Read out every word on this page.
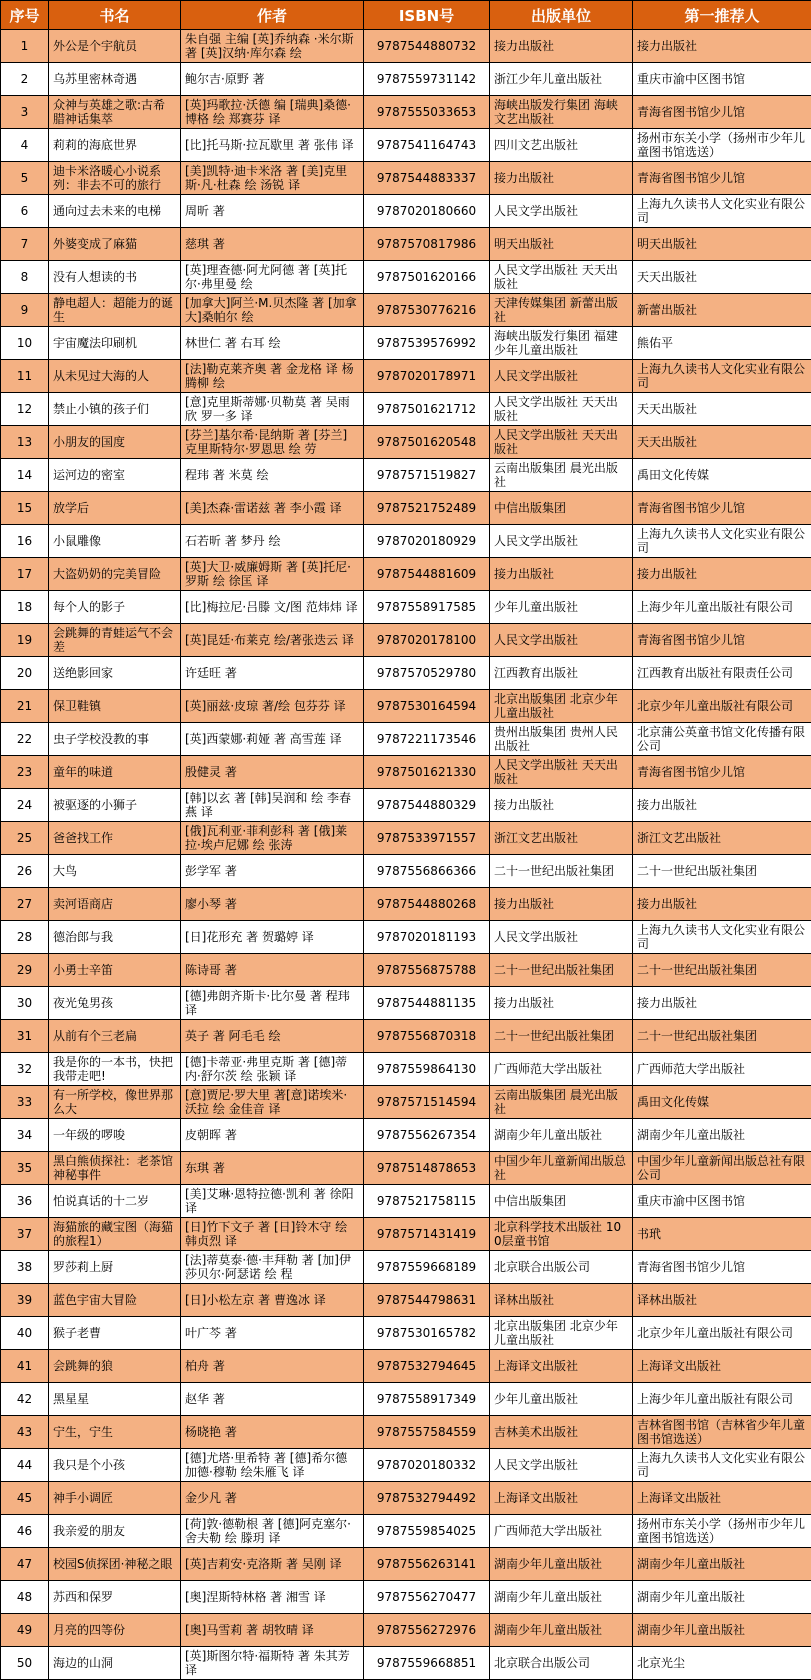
序号	书名	作者	ISBN号	出版单位	第一推荐人

1	外公是个宇航员	朱自强 主编 [英]乔纳森 ·米尔斯 著 [英]汉纳·库尔森 绘	9787544880732	接力出版社	接力出版社

2	乌苏里密林奇遇	鲍尔吉·原野 著	9787559731142	浙江少年儿童出版社	重庆市渝中区图书馆

3	众神与英雄之歌:古希腊神话集萃	[英]玛歌拉·沃德 编 [瑞典]桑德·博格 绘 郑赛芬 译	9787555033653	海峡出版发行集团 海峡文艺出版社	青海省图书馆少儿馆

4	莉莉的海底世界	[比]托马斯·拉瓦歇里 著 张伟 译	9787541164743	四川文艺出版社	扬州市东关小学（扬州市少年儿童图书馆选送）

5	迪卡米洛暖心小说系列：非去不可的旅行	[美]凯特·迪卡米洛 著 [美]克里斯·凡·杜森 绘 汤锐 译	9787544883337	接力出版社	青海省图书馆少儿馆

6	通向过去未来的电梯	周昕 著	9787020180660	人民文学出版社	上海九久读书人文化实业有限公司

7	外婆变成了麻猫	慈琪 著	9787570817986	明天出版社	明天出版社

8	没有人想读的书	[英]理查德·阿尤阿德 著 [英]托尔·弗里曼 绘	9787501620166	人民文学出版社 天天出版社	天天出版社

9	静电超人：超能力的诞生	[加拿大]阿兰·M.贝杰隆 著 [加拿大]桑帕尔 绘	9787530776216	天津传媒集团 新蕾出版社	新蕾出版社

10	宇宙魔法印刷机	林世仁 著 右耳 绘	9787539576992	海峡出版发行集团 福建少年儿童出版社	熊佑平

11	从未见过大海的人	[法]勒克莱齐奥 著 金龙格 译 杨腾柳 绘	9787020178971	人民文学出版社	上海九久读书人文化实业有限公司

12	禁止小镇的孩子们	[意]克里斯蒂娜·贝勒莫 著 吴雨欣 罗一多 译	9787501621712	人民文学出版社 天天出版社	天天出版社

13	小朋友的国度	[芬兰]基尔希·昆纳斯 著 [芬兰]克里斯特尔·罗恩思 绘 劳	9787501620548	人民文学出版社 天天出版社	天天出版社

14	运河边的密室	程玮 著 米莫 绘	9787571519827	云南出版集团 晨光出版社	禹田文化传媒

15	放学后	[美]杰森·雷诺兹 著 李小霞 译	9787521752489	中信出版集团	青海省图书馆少儿馆

16	小鼠雕像	石若昕 著 梦丹 绘	9787020180929	人民文学出版社	上海九久读书人文化实业有限公司

17	大盗奶奶的完美冒险	[英]大卫·威廉姆斯 著 [英]托尼·罗斯 绘 徐匡 译	9787544881609	接力出版社	接力出版社

18	每个人的影子	[比]梅拉尼·吕滕 文/图 范炜炜 译	9787558917585	少年儿童出版社	上海少年儿童出版社有限公司

19	会跳舞的青蛙运气不会差	[英]昆廷·布莱克 绘/著张迭云 译	9787020178100	人民文学出版社	青海省图书馆少儿馆

20	送绝影回家	许廷旺 著	9787570529780	江西教育出版社	江西教育出版社有限责任公司

21	保卫鞋镇	[英]丽兹·皮琼 著/绘 包芬芬 译	9787530164594	北京出版集团 北京少年儿童出版社	北京少年儿童出版社有限公司

22	虫子学校没教的事	[英]西蒙娜·莉娅 著 高雪莲 译	9787221173546	贵州出版集团 贵州人民出版社	北京蒲公英童书馆文化传播有限公司

23	童年的味道	殷健灵 著	9787501621330	人民文学出版社 天天出版社	青海省图书馆少儿馆

24	被驱逐的小狮子	[韩]以玄 著 [韩]吴润和 绘 李春燕 译	9787544880329	接力出版社	接力出版社

25	爸爸找工作	[俄]瓦利亚·菲利彭科 著 [俄]莱拉·埃卢尼娜 绘 张涛	9787533971557	浙江文艺出版社	浙江文艺出版社

26	大鸟	彭学军 著	9787556866366	二十一世纪出版社集团	二十一世纪出版社集团

27	卖河语商店	廖小琴 著	9787544880268	接力出版社	接力出版社

28	德治郎与我	[日]花形充 著 贺璐婷 译	9787020181193	人民文学出版社	上海九久读书人文化实业有限公司

29	小勇士辛笛	陈诗哥 著	9787556875788	二十一世纪出版社集团	二十一世纪出版社集团

30	夜光兔男孩	[德]弗朗齐斯卡·比尔曼 著 程玮 译	9787544881135	接力出版社	接力出版社

31	从前有个三老扁	英子 著 阿毛毛 绘	9787556870318	二十一世纪出版社集团	二十一世纪出版社集团

32	我是你的一本书，快把我带走吧!	[德]卡蒂亚·弗里克斯 著 [德]蒂内·舒尔茨 绘 张颖 译	9787559864130	广西师范大学出版社	广西师范大学出版社

33	有一所学校，像世界那么大	[意]贾尼·罗大里 著[意]诺埃米·沃拉 绘 金佳音 译	9787571514594	云南出版集团 晨光出版社	禹田文化传媒

34	一年级的啰唆	皮朝晖 著	9787556267354	湖南少年儿童出版社	湖南少年儿童出版社

35	黑白熊侦探社：老茶馆神秘事件	东琪 著	9787514878653	中国少年儿童新闻出版总社	中国少年儿童新闻出版总社有限公司

36	怕说真话的十二岁	[美]艾琳·恩特拉德·凯利 著 徐阳 译	9787521758115	中信出版集团	重庆市渝中区图书馆

37	海猫旅的藏宝图（海猫的旅程1）	[日]竹下文子 著 [日]铃木守 绘 韩贞烈 译	9787571431419	北京科学技术出版社 100层童书馆	书玳

38	罗莎莉上厨	[法]蒂莫泰·德·丰拜勒 著 [加]伊莎贝尔·阿瑟诺 绘 程	9787559668189	北京联合出版公司	青海省图书馆少儿馆

39	蓝色宇宙大冒险	[日]小松左京 著 曹逸冰 译	9787544798631	译林出版社	译林出版社

40	猴子老曹	叶广芩 著	9787530165782	北京出版集团 北京少年儿童出版社	北京少年儿童出版社有限公司

41	会跳舞的狼	柏舟 著	9787532794645	上海译文出版社	上海译文出版社

42	黑星星	赵华 著	9787558917349	少年儿童出版社	上海少年儿童出版社有限公司

43	宁生，宁生	杨晓艳 著	9787557584559	吉林美术出版社	吉林省图书馆（吉林省少年儿童图书馆选送）

44	我只是个小孩	[德]尤塔·里希特 著 [德]希尔德加德·穆勒 绘朱雁飞 译	9787020180332	人民文学出版社	上海九久读书人文化实业有限公司

45	神手小调匠	金少凡 著	9787532794492	上海译文出版社	上海译文出版社

46	我亲爱的朋友	[荷]敦·德勒根 著 [德]阿克塞尔·舍夫勒 绘 滕玥 译	9787559854025	广西师范大学出版社	扬州市东关小学（扬州市少年儿童图书馆选送）

47	校园S侦探团·神秘之眼	[英]吉莉安·克洛斯 著 吴刚 译	9787556263141	湖南少年儿童出版社	湖南少年儿童出版社

48	苏西和保罗	[奥]涅斯特林格 著 湘雪 译	9787556270477	湖南少年儿童出版社	湖南少年儿童出版社

49	月亮的四等份	[奥]马雪莉 著 胡牧晴 译	9787556272976	湖南少年儿童出版社	湖南少年儿童出版社

50	海边的山洞	[英]斯图尔特·福斯特 著 朱其芳 译	9787559668851	北京联合出版公司	北京光尘
